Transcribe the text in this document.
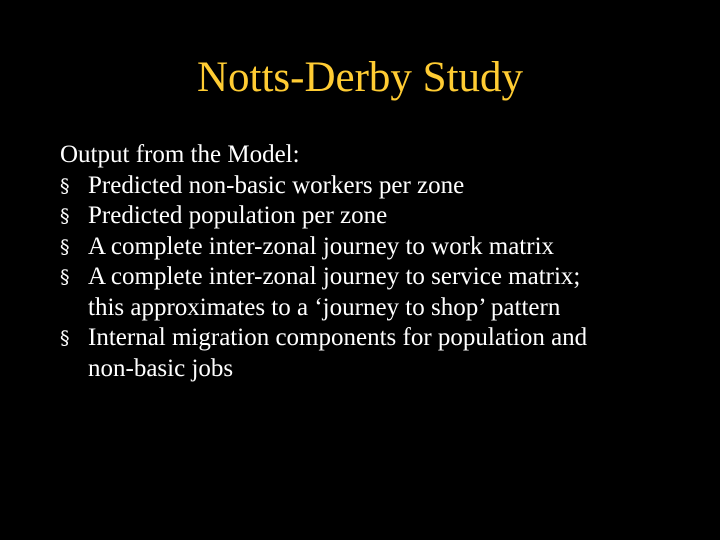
Notts-Derby Study
Output from the Model:
§ Predicted non-basic workers per zone
§ Predicted population per zone
§ A complete inter-zonal journey to work matrix
§ A complete inter-zonal journey to service matrix;
this approximates to a ‘journey to shop’ pattern
§ Internal migration components for population and
non-basic jobs
